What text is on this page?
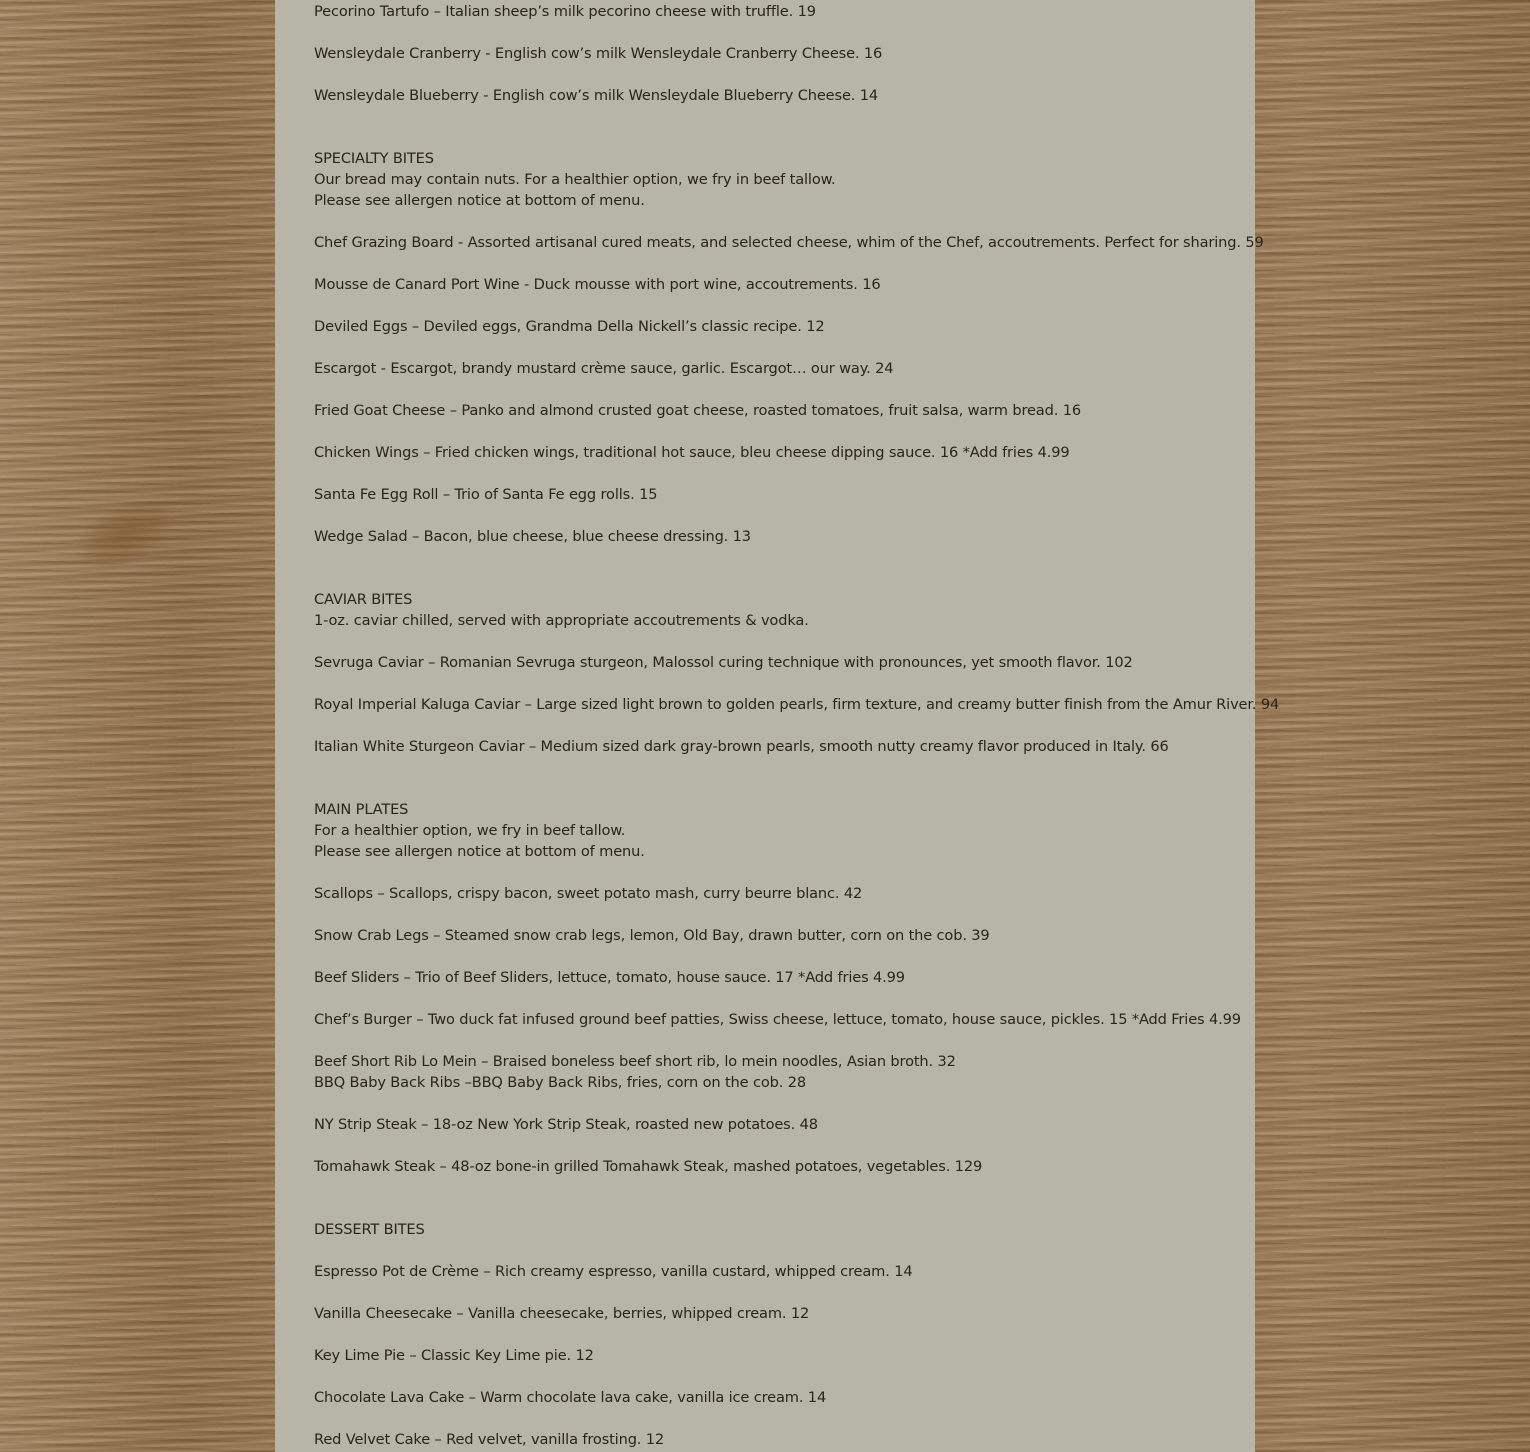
Pecorino Tartufo – Italian sheep’s milk pecorino cheese with truffle. 19
Wensleydale Cranberry - English cow’s milk Wensleydale Cranberry Cheese. 16
Wensleydale Blueberry - English cow’s milk Wensleydale Blueberry Cheese. 14
SPECIALTY BITES
Our bread may contain nuts. For a healthier option, we fry in beef tallow.
Please see allergen notice at bottom of menu.
Chef Grazing Board - Assorted artisanal cured meats, and selected cheese, whim of the Chef, accoutrements. Perfect for sharing. 59
Mousse de Canard Port Wine - Duck mousse with port wine, accoutrements. 16
Deviled Eggs – Deviled eggs, Grandma Della Nickell’s classic recipe. 12
Escargot - Escargot, brandy mustard crème sauce, garlic. Escargot… our way. 24
Fried Goat Cheese – Panko and almond crusted goat cheese, roasted tomatoes, fruit salsa, warm bread. 16
Chicken Wings – Fried chicken wings, traditional hot sauce, bleu cheese dipping sauce. 16 *Add fries 4.99
Santa Fe Egg Roll – Trio of Santa Fe egg rolls. 15
Wedge Salad – Bacon, blue cheese, blue cheese dressing. 13
CAVIAR BITES
1-oz. caviar chilled, served with appropriate accoutrements & vodka.
Sevruga Caviar – Romanian Sevruga sturgeon, Malossol curing technique with pronounces, yet smooth flavor. 102
Royal Imperial Kaluga Caviar – Large sized light brown to golden pearls, firm texture, and creamy butter finish from the Amur River. 94
Italian White Sturgeon Caviar – Medium sized dark gray-brown pearls, smooth nutty creamy flavor produced in Italy. 66
MAIN PLATES
For a healthier option, we fry in beef tallow.
Please see allergen notice at bottom of menu.
Scallops – Scallops, crispy bacon, sweet potato mash, curry beurre blanc. 42
Snow Crab Legs – Steamed snow crab legs, lemon, Old Bay, drawn butter, corn on the cob. 39
Beef Sliders – Trio of Beef Sliders, lettuce, tomato, house sauce. 17 *Add fries 4.99
Chef’s Burger – Two duck fat infused ground beef patties, Swiss cheese, lettuce, tomato, house sauce, pickles. 15 *Add Fries 4.99
Beef Short Rib Lo Mein – Braised boneless beef short rib, lo mein noodles, Asian broth. 32
BBQ Baby Back Ribs –BBQ Baby Back Ribs, fries, corn on the cob. 28
NY Strip Steak – 18-oz New York Strip Steak, roasted new potatoes. 48
Tomahawk Steak – 48-oz bone-in grilled Tomahawk Steak, mashed potatoes, vegetables. 129
DESSERT BITES
Espresso Pot de Crème – Rich creamy espresso, vanilla custard, whipped cream. 14
Vanilla Cheesecake – Vanilla cheesecake, berries, whipped cream. 12
Key Lime Pie – Classic Key Lime pie. 12
Chocolate Lava Cake – Warm chocolate lava cake, vanilla ice cream. 14
Red Velvet Cake – Red velvet, vanilla frosting. 12
